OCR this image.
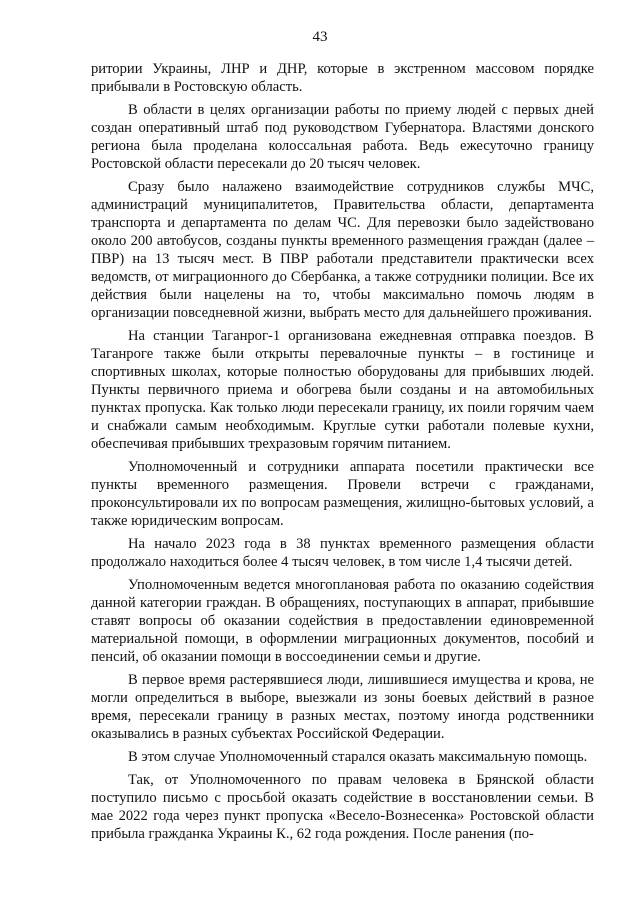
43

ритории Украины, ЛНР и ДНР, которые в экстренном массовом порядке прибывали в Ростовскую область.

В области в целях организации работы по приему людей с первых дней создан оперативный штаб под руководством Губернатора. Властями донского региона была проделана колоссальная работа. Ведь ежесуточно границу Ростовской области пересекали до 20 тысяч человек.

Сразу было налажено взаимодействие сотрудников службы МЧС, администраций муниципалитетов, Правительства области, департамента транспорта и департамента по делам ЧС. Для перевозки было задействовано около 200 автобусов, созданы пункты временного размещения граждан (далее – ПВР) на 13 тысяч мест. В ПВР работали представители практически всех ведомств, от миграционного до Сбербанка, а также сотрудники полиции. Все их действия были нацелены на то, чтобы максимально помочь людям в организации повседневной жизни, выбрать место для дальнейшего проживания.

На станции Таганрог-1 организована ежедневная отправка поездов. В Таганроге также были открыты перевалочные пункты – в гостинице и спортивных школах, которые полностью оборудованы для прибывших людей. Пункты первичного приема и обогрева были созданы и на автомобильных пунктах пропуска. Как только люди пересекали границу, их поили горячим чаем и снабжали самым необходимым. Круглые сутки работали полевые кухни, обеспечивая прибывших трехразовым горячим питанием.

Уполномоченный и сотрудники аппарата посетили практически все пункты временного размещения. Провели встречи с гражданами, проконсультировали их по вопросам размещения, жилищно-бытовых условий, а также юридическим вопросам.

На начало 2023 года в 38 пунктах временного размещения области продолжало находиться более 4 тысяч человек, в том числе 1,4 тысячи детей.

Уполномоченным ведется многоплановая работа по оказанию содействия данной категории граждан. В обращениях, поступающих в аппарат, прибывшие ставят вопросы об оказании содействия в предоставлении единовременной материальной помощи, в оформлении миграционных документов, пособий и пенсий, об оказании помощи в воссоединении семьи и другие.

В первое время растерявшиеся люди, лишившиеся имущества и крова, не могли определиться в выборе, выезжали из зоны боевых действий в разное время, пересекали границу в разных местах, поэтому иногда родственники оказывались в разных субъектах Российской Федерации.

В этом случае Уполномоченный старался оказать максимальную помощь.

Так, от Уполномоченного по правам человека в Брянской области поступило письмо с просьбой оказать содействие в восстановлении семьи. В мае 2022 года через пункт пропуска «Весело-Вознесенка» Ростовской области прибыла гражданка Украины К., 62 года рождения. После ранения (по-
